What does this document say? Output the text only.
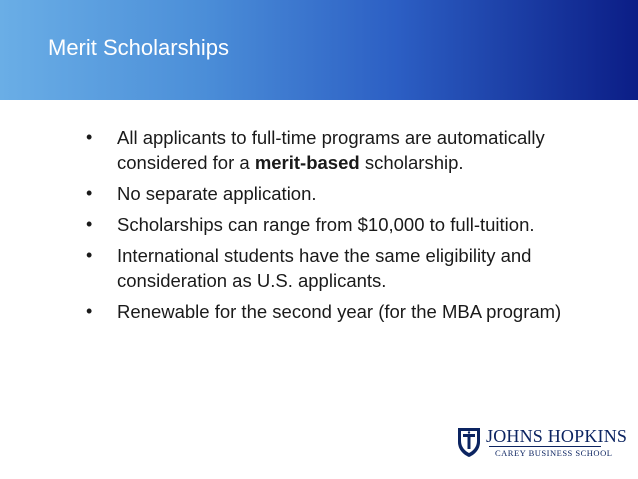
Merit Scholarships
• All applicants to full-time programs are automatically considered for a merit-based scholarship.
• No separate application.
• Scholarships can range from $10,000 to full-tuition.
• International students have the same eligibility and consideration as U.S. applicants.
• Renewable for the second year (for the MBA program)
JOHNS HOPKINS
CAREY BUSINESS SCHOOL
